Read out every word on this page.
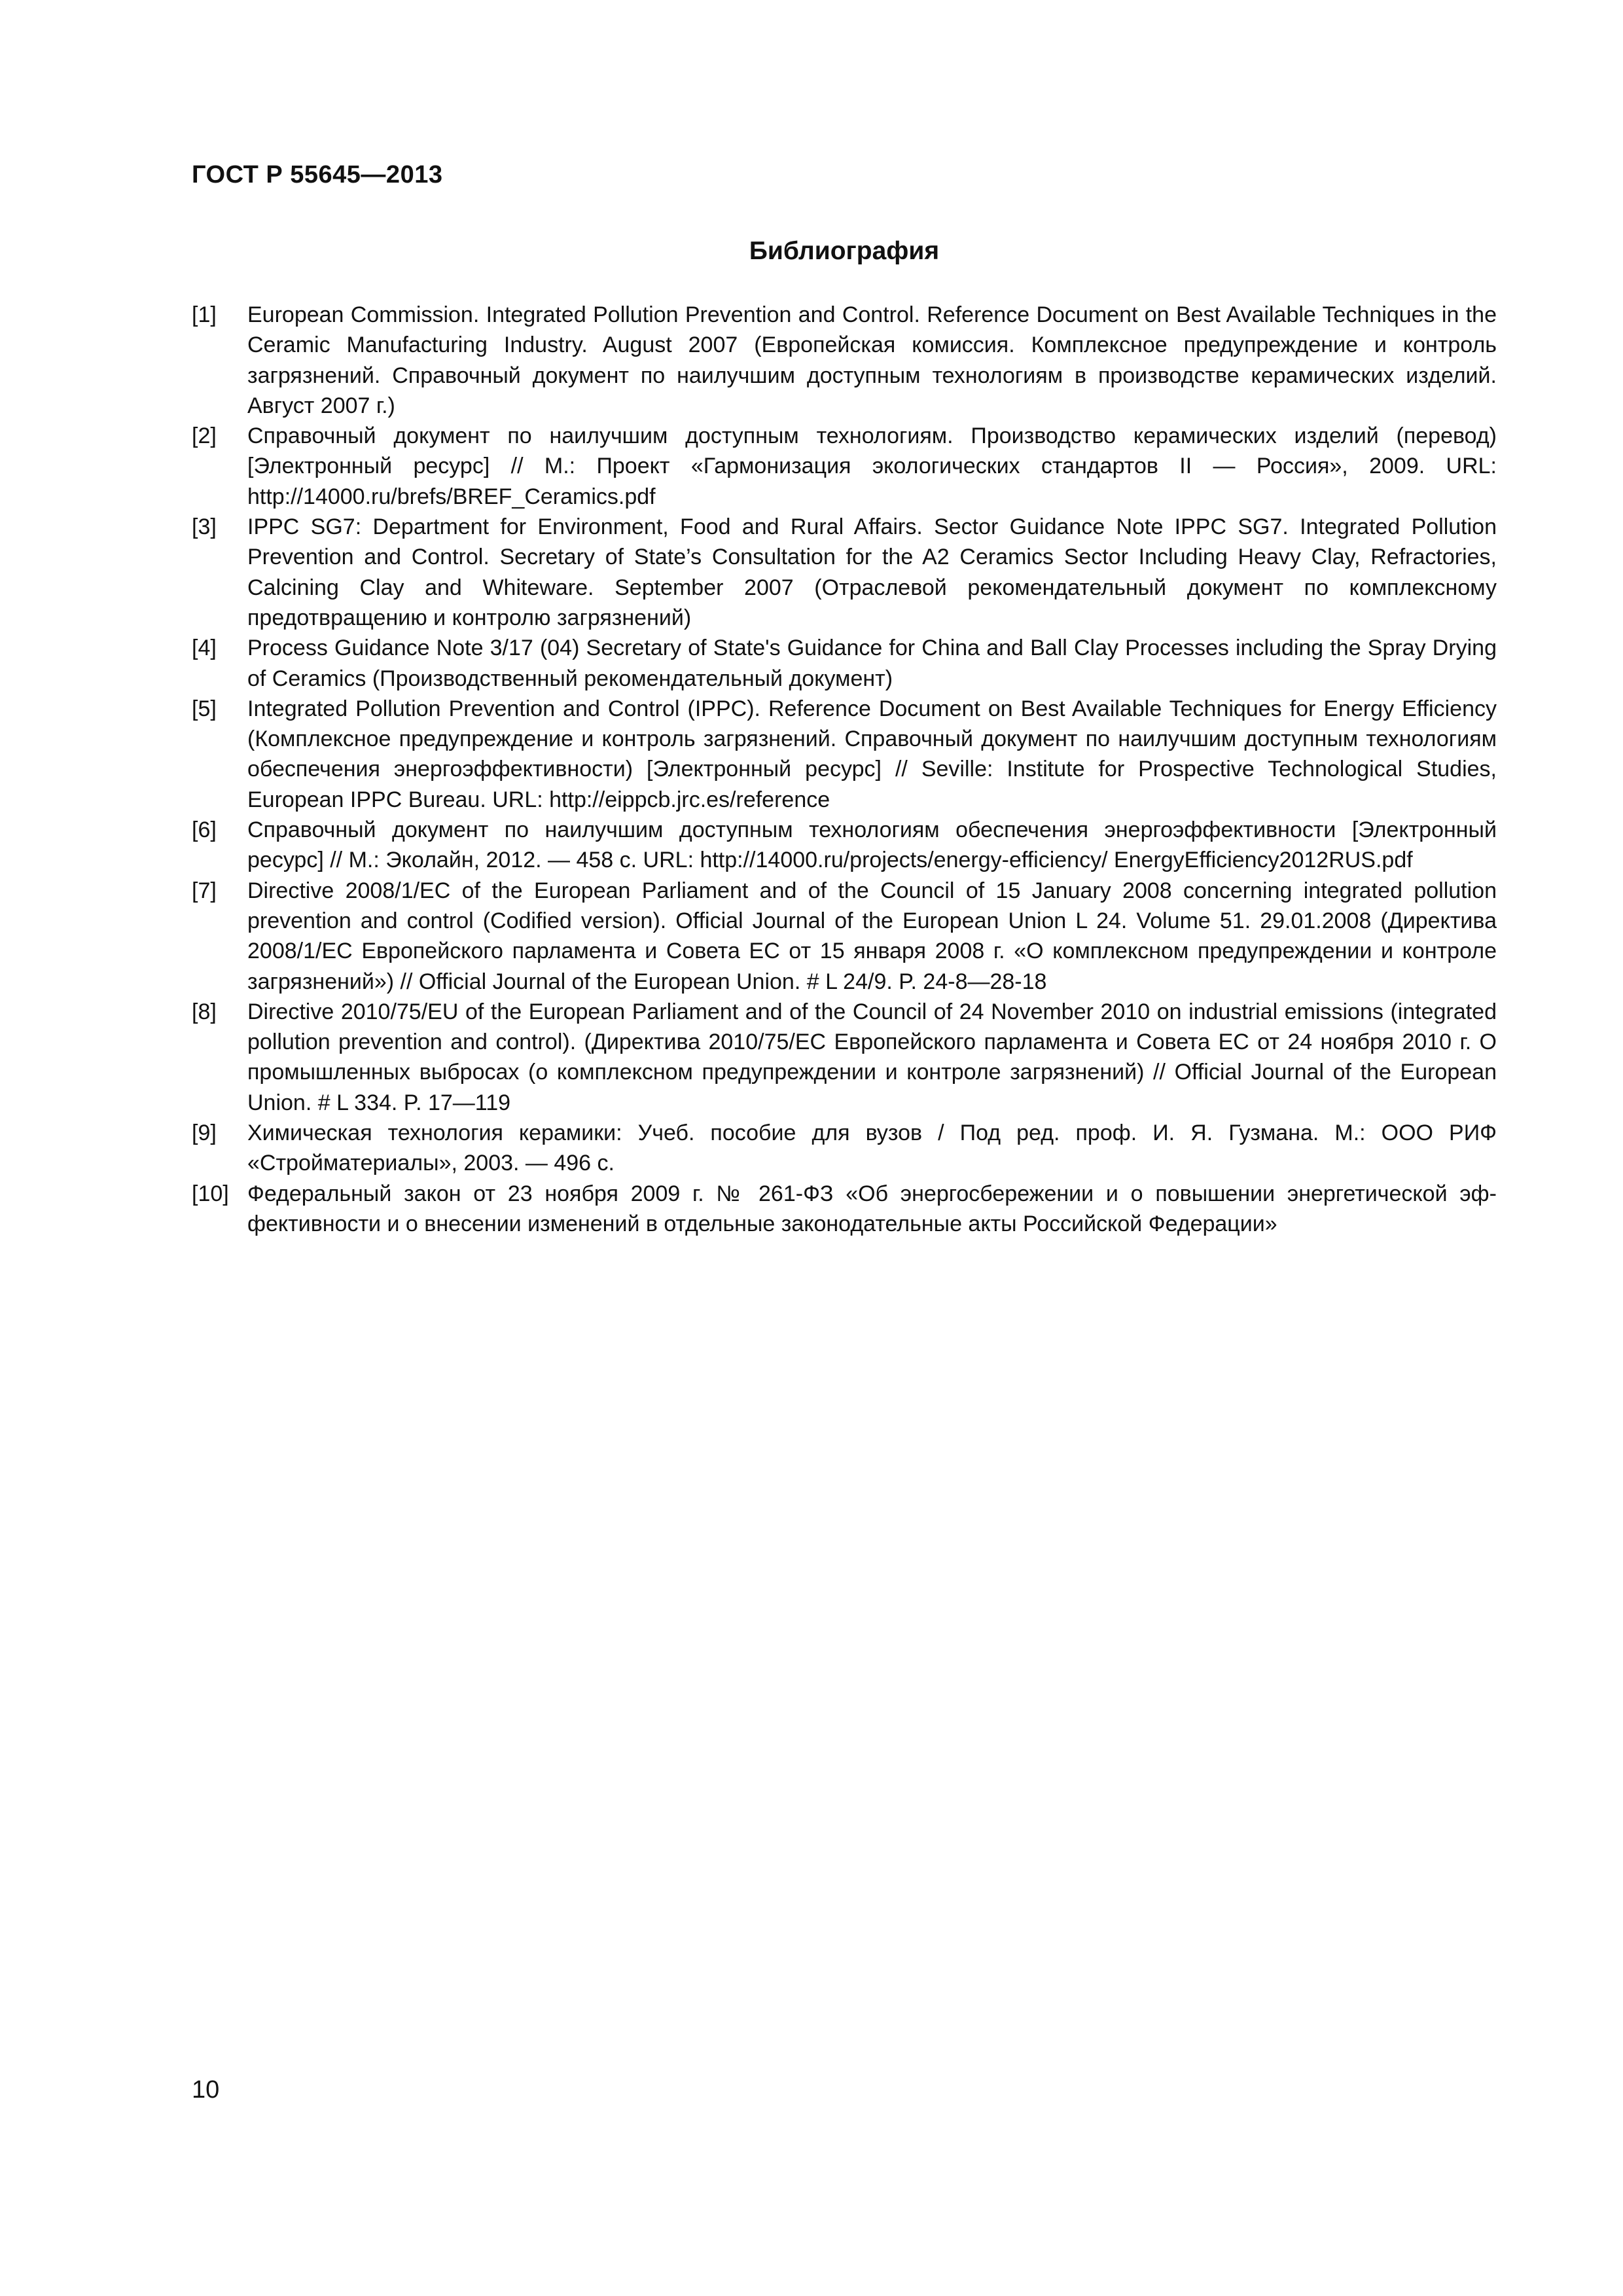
ГОСТ Р 55645—2013
Библиография
[1]	European Commission. Integrated Pollution Prevention and Control. Reference Document on Best Available Techniques in the Ceramic Manufacturing Industry. August 2007 (Европейская комиссия. Комплексное предупреждение и контроль загрязнений. Справочный документ по наилучшим доступным технологиям в производстве керамических изделий. Август 2007 г.)
[2]	Справочный документ по наилучшим доступным технологиям. Производство керамических изделий (перевод) [Электронный ресурс] // М.: Проект «Гармонизация экологических стандартов II — Россия», 2009. URL: http://14000.ru/brefs/BREF_Ceramics.pdf
[3]	IPPC SG7: Department for Environment, Food and Rural Affairs. Sector Guidance Note IPPC SG7. Integrated Pollution Prevention and Control. Secretary of State’s Consultation for the A2 Ceramics Sector Including Heavy Clay, Refractories, Calcining Clay and Whiteware. September 2007 (Отраслевой рекомендательный документ по комплексному предотвращению и контролю загрязнений)
[4]	Process Guidance Note 3/17 (04) Secretary of State's Guidance for China and Ball Clay Processes including the Spray Drying of Ceramics (Производственный рекомендательный документ)
[5]	Integrated Pollution Prevention and Control (IPPC). Reference Document on Best Available Techniques for Energy Efficiency (Комплексное предупреждение и контроль загрязнений. Справочный документ по наилучшим доступным технологиям обеспечения энергоэффективности) [Электронный ресурс] // Seville: Institute for Prospective Technological Studies, European IPPC Bureau. URL: http://eippcb.jrc.es/reference
[6]	Справочный документ по наилучшим доступным технологиям обеспечения энергоэффективности [Электронный ресурс] // М.: Эколайн, 2012. — 458 с. URL: http://14000.ru/projects/energy-efficiency/ EnergyEfficiency2012RUS.pdf
[7]	Directive 2008/1/EC of the European Parliament and of the Council of 15 January 2008 concerning integrated pollution prevention and control (Codified version). Official Journal of the European Union L 24. Volume 51. 29.01.2008 (Директива 2008/1/ЕС Европейского парламента и Совета ЕС от 15 января 2008 г. «О комплексном предупреждении и контроле загрязнений») // Official Journal of the European Union. # L 24/9. P. 24-8—28-18
[8]	Directive 2010/75/EU of the European Parliament and of the Council of 24 November 2010 on industrial emissions (integrated pollution prevention and control). (Директива 2010/75/ЕС Европейского парламента и Совета ЕС от 24 ноября 2010 г. О промышленных выбросах (о комплексном предупреждении и контроле загрязнений) // Official Journal of the European Union. # L 334. P. 17—119
[9]	Химическая технология керамики: Учеб. пособие для вузов / Под ред. проф. И. Я. Гузмана. М.: ООО РИФ «Стройматериалы», 2003. — 496 с.
[10] Федеральный закон от 23 ноября 2009 г. № 261-ФЗ «Об энергосбережении и о повышении энергетической эффективности и о внесении изменений в отдельные законодательные акты Российской Федерации»
10
